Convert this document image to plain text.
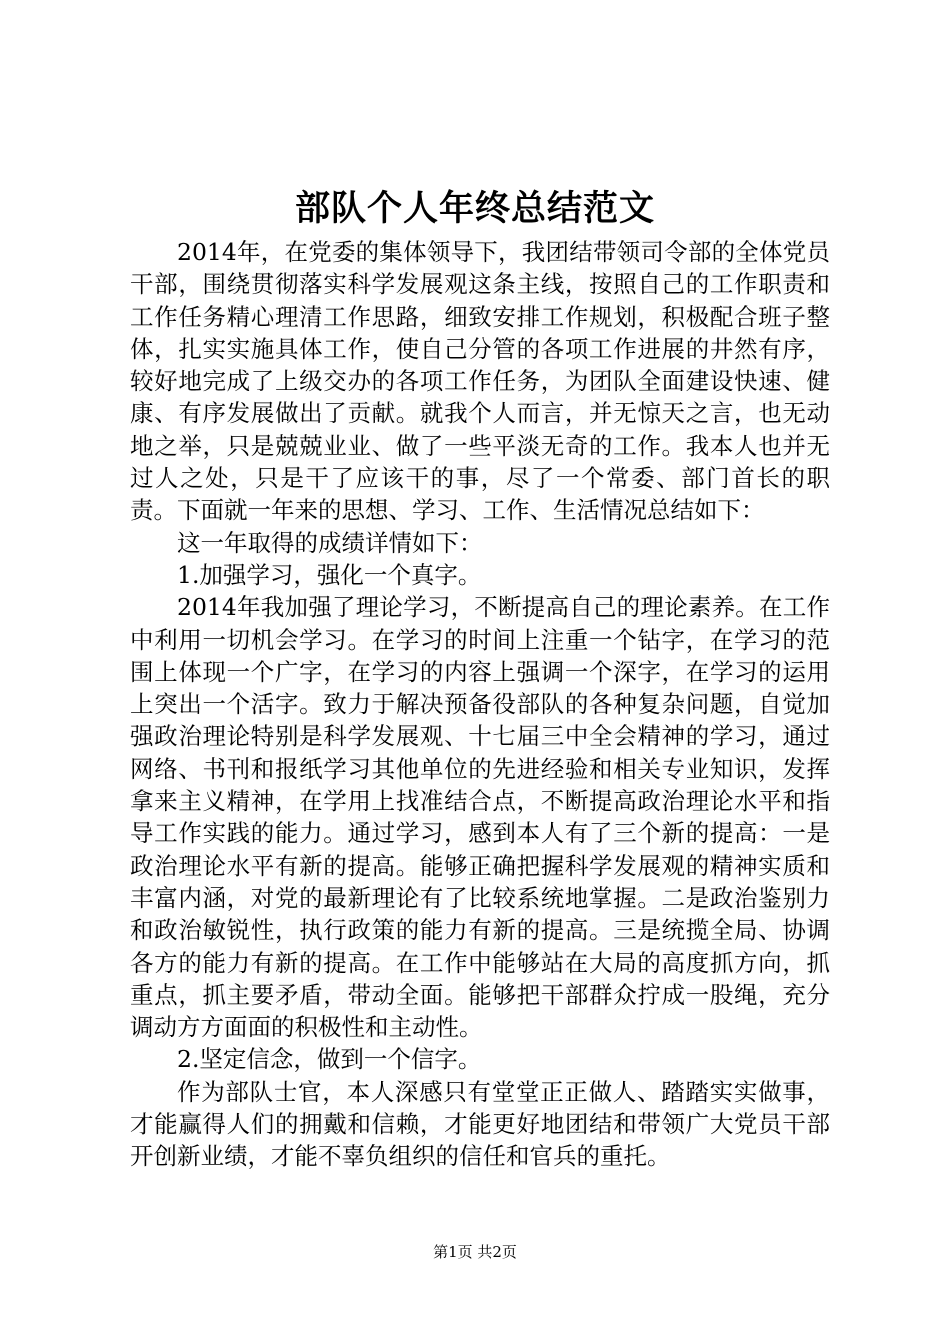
部队个人年终总结范文

2014年，在党委的集体领导下，我团结带领司令部的全体党员干部，围绕贯彻落实科学发展观这条主线，按照自己的工作职责和工作任务精心理清工作思路，细致安排工作规划，积极配合班子整体，扎实实施具体工作，使自己分管的各项工作进展的井然有序，较好地完成了上级交办的各项工作任务，为团队全面建设快速、健康、有序发展做出了贡献。就我个人而言，并无惊天之言，也无动地之举，只是兢兢业业、做了一些平淡无奇的工作。我本人也并无过人之处，只是干了应该干的事，尽了一个常委、部门首长的职责。下面就一年来的思想、学习、工作、生活情况总结如下：

这一年取得的成绩详情如下：

1.加强学习，强化一个真字。

2014年我加强了理论学习，不断提高自己的理论素养。在工作中利用一切机会学习。在学习的时间上注重一个钻字，在学习的范围上体现一个广字，在学习的内容上强调一个深字，在学习的运用上突出一个活字。致力于解决预备役部队的各种复杂问题，自觉加强政治理论特别是科学发展观、十七届三中全会精神的学习，通过网络、书刊和报纸学习其他单位的先进经验和相关专业知识，发挥拿来主义精神，在学用上找准结合点，不断提高政治理论水平和指导工作实践的能力。通过学习，感到本人有了三个新的提高：一是政治理论水平有新的提高。能够正确把握科学发展观的精神实质和丰富内涵，对党的最新理论有了比较系统地掌握。二是政治鉴别力和政治敏锐性，执行政策的能力有新的提高。三是统揽全局、协调各方的能力有新的提高。在工作中能够站在大局的高度抓方向，抓重点，抓主要矛盾，带动全面。能够把干部群众拧成一股绳，充分调动方方面面的积极性和主动性。

2.坚定信念，做到一个信字。

作为部队士官，本人深感只有堂堂正正做人、踏踏实实做事，才能赢得人们的拥戴和信赖，才能更好地团结和带领广大党员干部开创新业绩，才能不辜负组织的信任和官兵的重托。

第1页 共2页
